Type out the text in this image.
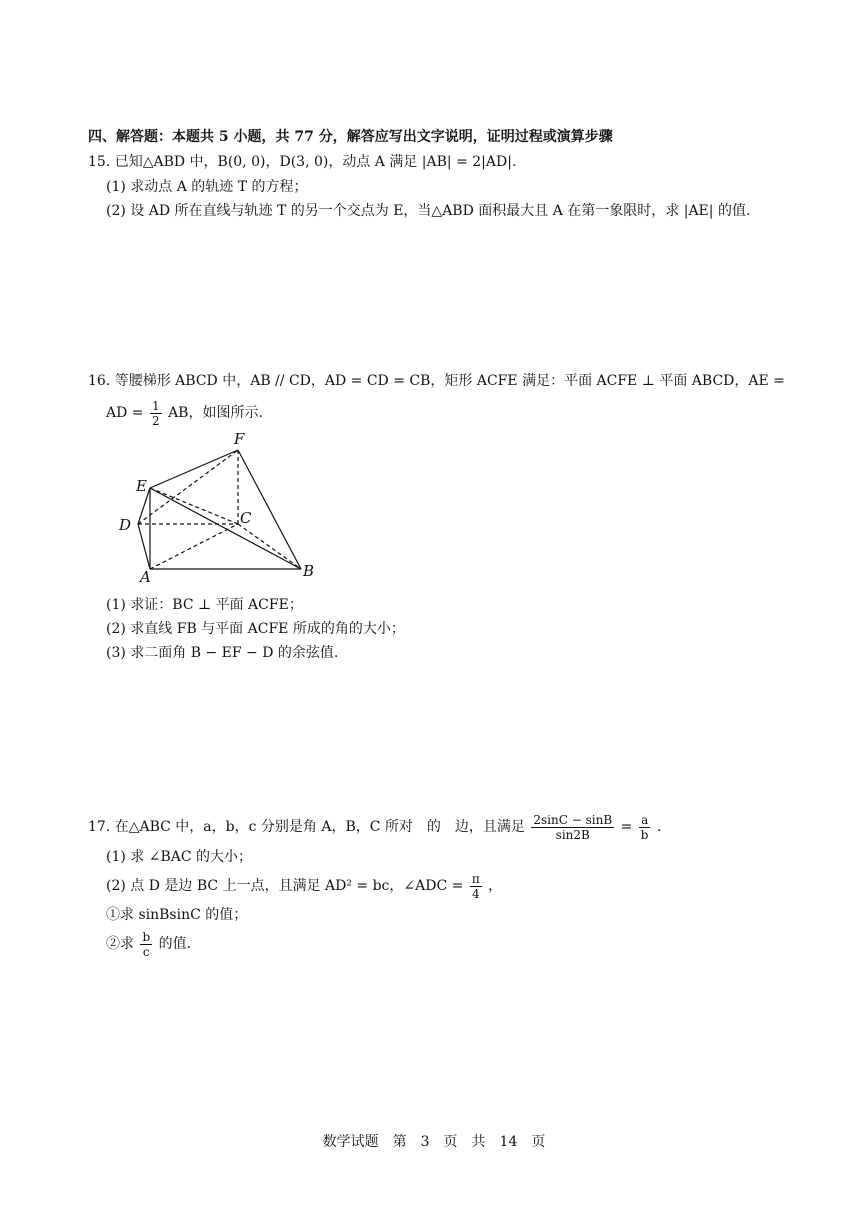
四、解答题：本题共 5 小题，共 77 分，解答应写出文字说明，证明过程或演算步骤
15. 已知△ABD 中，B(0, 0)，D(3, 0)，动点 A 满足 |AB| = 2|AD|.
(1) 求动点 A 的轨迹 T 的方程；
(2) 设 AD 所在直线与轨迹 T 的另一个交点为 E，当△ABD 面积最大且 A 在第一象限时，求 |AE| 的值.
16. 等腰梯形 ABCD 中，AB // CD，AD = CD = CB，矩形 ACFE 满足：平面 ACFE ⊥ 平面 ABCD，AE =
AD = $\frac{1}{2}$ AB，如图所示.
F
E
D	C
A	B
(1) 求证：BC ⊥ 平面 ACFE；
(2) 求直线 FB 与平面 ACFE 所成的角的大小；
(3) 求二面角 B − EF − D 的余弦值.
17. 在△ABC 中，a，b，c 分别是角 A，B，C 所对　的　边，且满足 $\frac{2\sin C - \sin B}{\sin 2B} = \frac{a}{b}$ .
(1) 求 ∠BAC 的大小；
(2) 点 D 是边 BC 上一点，且满足 AD² = bc，∠ADC = $\frac{\pi}{4}$ ，
①求 sinBsinC 的值；
②求 $\frac{b}{c}$ 的值.
数学试题　第　3　页　共　14　页
